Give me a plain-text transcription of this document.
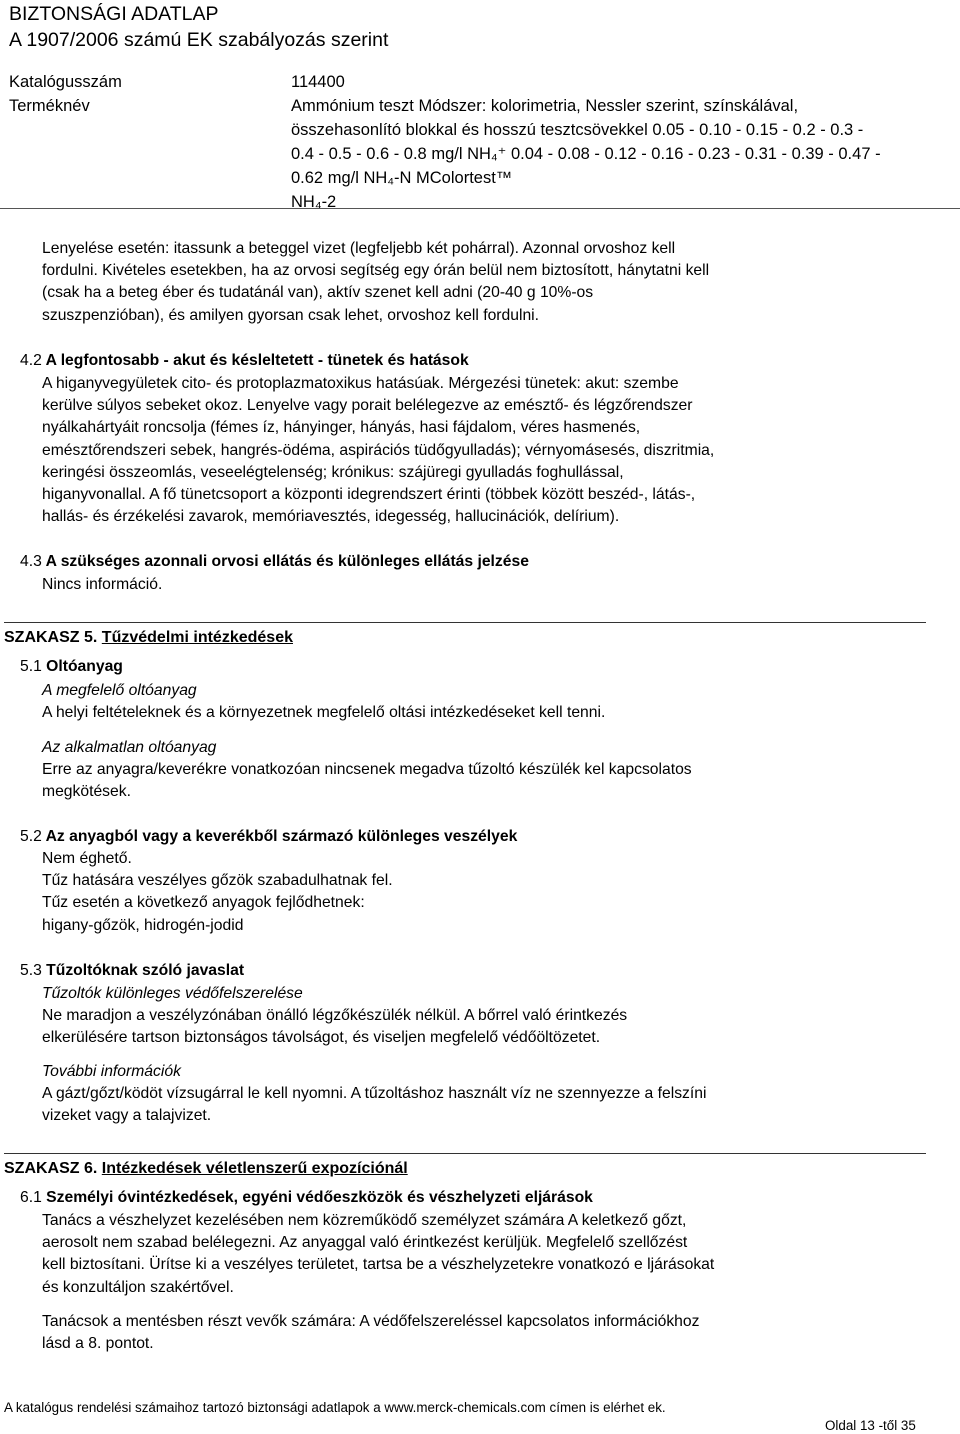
BIZTONSÁGI ADATLAP
A 1907/2006 számú EK szabályozás szerint
Katalógusszám	114400
Terméknév	Ammónium teszt Módszer: kolorimetria, Nessler szerint, színskálával,
összehasonlító blokkal és hosszú tesztcsövekkel 0.05 - 0.10 - 0.15 - 0.2 - 0.3 -
0.4 - 0.5 - 0.6 - 0.8 mg/l NH₄⁺ 0.04 - 0.08 - 0.12 - 0.16 - 0.23 - 0.31 - 0.39 - 0.47 -
0.62 mg/l NH₄-N MColortest™
NH₄-2
Lenyelése esetén: itassunk a beteggel vizet (legfeljebb két pohárral). Azonnal orvoshoz kell
fordulni. Kivételes esetekben, ha az orvosi segítség egy órán belül nem biztosított, hánytatni kell
(csak ha a beteg éber és tudatánál van), aktív szenet kell adni (20-40 g 10%-os
szuszpenzióban), és amilyen gyorsan csak lehet, orvoshoz kell fordulni.
4.2 A legfontosabb - akut és késleltetett - tünetek és hatások
A higanyvegyületek cito- és protoplazmatoxikus hatásúak. Mérgezési tünetek: akut: szembe
kerülve súlyos sebeket okoz. Lenyelve vagy porait belélegezve az emésztő- és légzőrendszer
nyálkahártyáit roncsolja (fémes íz, hányinger, hányás, hasi fájdalom, véres hasmenés,
emésztőrendszeri sebek, hangrés-ödéma, aspirációs tüdőgyulladás); vérnyomásesés, diszritmia,
keringési összeomlás, veseelégtelenség; krónikus: szájüregi gyulladás foghullással,
higanyvonallal. A fő tünetcsoport a központi idegrendszert érinti (többek között beszéd-, látás-,
hallás- és érzékelési zavarok, memóriavesztés, idegesség, hallucinációk, delírium).
4.3 A szükséges azonnali orvosi ellátás és különleges ellátás jelzése
Nincs információ.
SZAKASZ 5. Tűzvédelmi intézkedések
5.1 Oltóanyag
A megfelelő oltóanyag
A helyi feltételeknek és a környezetnek megfelelő oltási intézkedéseket kell tenni.
Az alkalmatlan oltóanyag
Erre az anyagra/keverékre vonatkozóan nincsenek megadva tűzoltó készülék kel kapcsolatos
megkötések.
5.2 Az anyagból vagy a keverékből származó különleges veszélyek
Nem éghető.
Tűz hatására veszélyes gőzök szabadulhatnak fel.
Tűz esetén a következő anyagok fejlődhetnek:
higany-gőzök, hidrogén-jodid
5.3 Tűzoltóknak szóló javaslat
Tűzoltók különleges védőfelszerelése
Ne maradjon a veszélyzónában önálló légzőkészülék nélkül. A bőrrel való érintkezés
elkerülésére tartson biztonságos távolságot, és viseljen megfelelő védőöltözetet.
További információk
A gázt/gőzt/ködöt vízsugárral le kell nyomni. A tűzoltáshoz használt víz ne szennyezze a felszíni
vizeket vagy a talajvizet.
SZAKASZ 6. Intézkedések véletlenszerű expozíciónál
6.1 Személyi óvintézkedések, egyéni védőeszközök és vészhelyzeti eljárások
Tanács a vészhelyzet kezelésében nem közreműködő személyzet számára A keletkező gőzt,
aerosolt nem szabad belélegezni. Az anyaggal való érintkezést kerüljük. Megfelelő szellőzést
kell biztosítani. Ürítse ki a veszélyes területet, tartsa be a vészhelyzetekre vonatkozó e ljárásokat
és konzultáljon szakértővel.
Tanácsok a mentésben részt vevők számára: A védőfelszereléssel kapcsolatos információkhoz
lásd a 8. pontot.
A katalógus rendelési számaihoz tartozó biztonsági adatlapok a www.merck-chemicals.com címen is elérhet ek.
Oldal 13 -től 35
